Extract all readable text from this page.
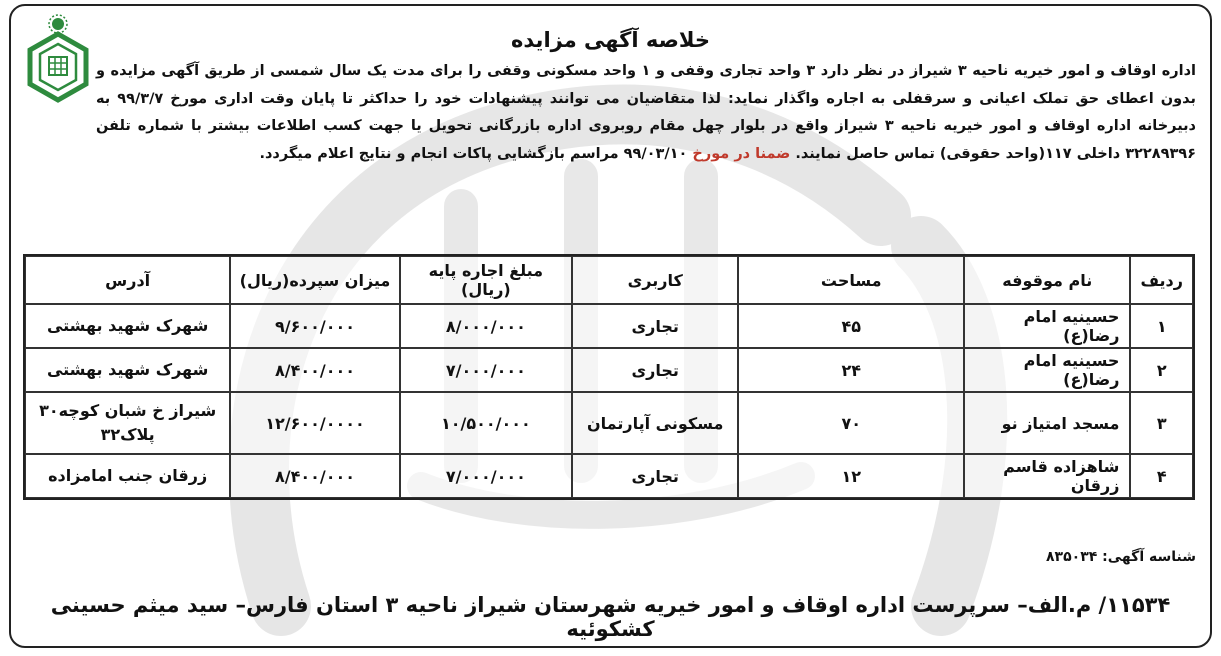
خلاصه آگهی مزایده
اداره اوقاف و امور خیریه ناحیه ۳ شیراز در نظر دارد ۳ واحد تجاری وقفی و ۱ واحد مسکونی وقفی را برای مدت یک سال شمسی از طریق آگهی مزایده و بدون اعطای حق تملک اعیانی و سرقفلی به اجاره واگذار نماید: لذا متقاضیان می توانند پیشنهادات خود را حداکثر تا پایان وقت اداری مورخ ۹۹/۳/۷ به دبیرخانه اداره اوقاف و امور خیریه ناحیه ۳ شیراز واقع در بلوار چهل مقام روبروی اداره بازرگانی تحویل یا جهت کسب اطلاعات بیشتر با شماره تلفن ۳۲۲۸۹۳۹۶ داخلی ۱۱۷(واحد حقوقی) تماس حاصل نمایند. ضمنا در مورخ ۹۹/۰۳/۱۰ مراسم بازگشایی پاکات انجام و نتایج اعلام میگردد.
ردیف	نام موقوفه	مساحت	کاربری	مبلغ اجاره پایه (ریال)	میزان سپرده(ریال)	آدرس
۱	حسینیه امام رضا(ع)	۴۵	تجاری	۸/۰۰۰/۰۰۰	۹/۶۰۰/۰۰۰	شهرک شهید بهشتی
۲	حسینیه امام رضا(ع)	۲۴	تجاری	۷/۰۰۰/۰۰۰	۸/۴۰۰/۰۰۰	شهرک شهید بهشتی
۳	مسجد امتیاز نو	۷۰	مسکونی آپارتمان	۱۰/۵۰۰/۰۰۰	۱۲/۶۰۰/۰۰۰۰	شیراز خ شبان کوچه۳۰ پلاک۳۲
۴	شاهزاده قاسم زرقان	۱۲	تجاری	۷/۰۰۰/۰۰۰	۸/۴۰۰/۰۰۰	زرقان جنب امامزاده
شناسه آگهی: ۸۳۵۰۳۴
۱۱۵۳۴/ م.الف– سرپرست اداره اوقاف و امور خیریه شهرستان شیراز ناحیه ۳ استان فارس– سید میثم حسینی کشکوئیه
